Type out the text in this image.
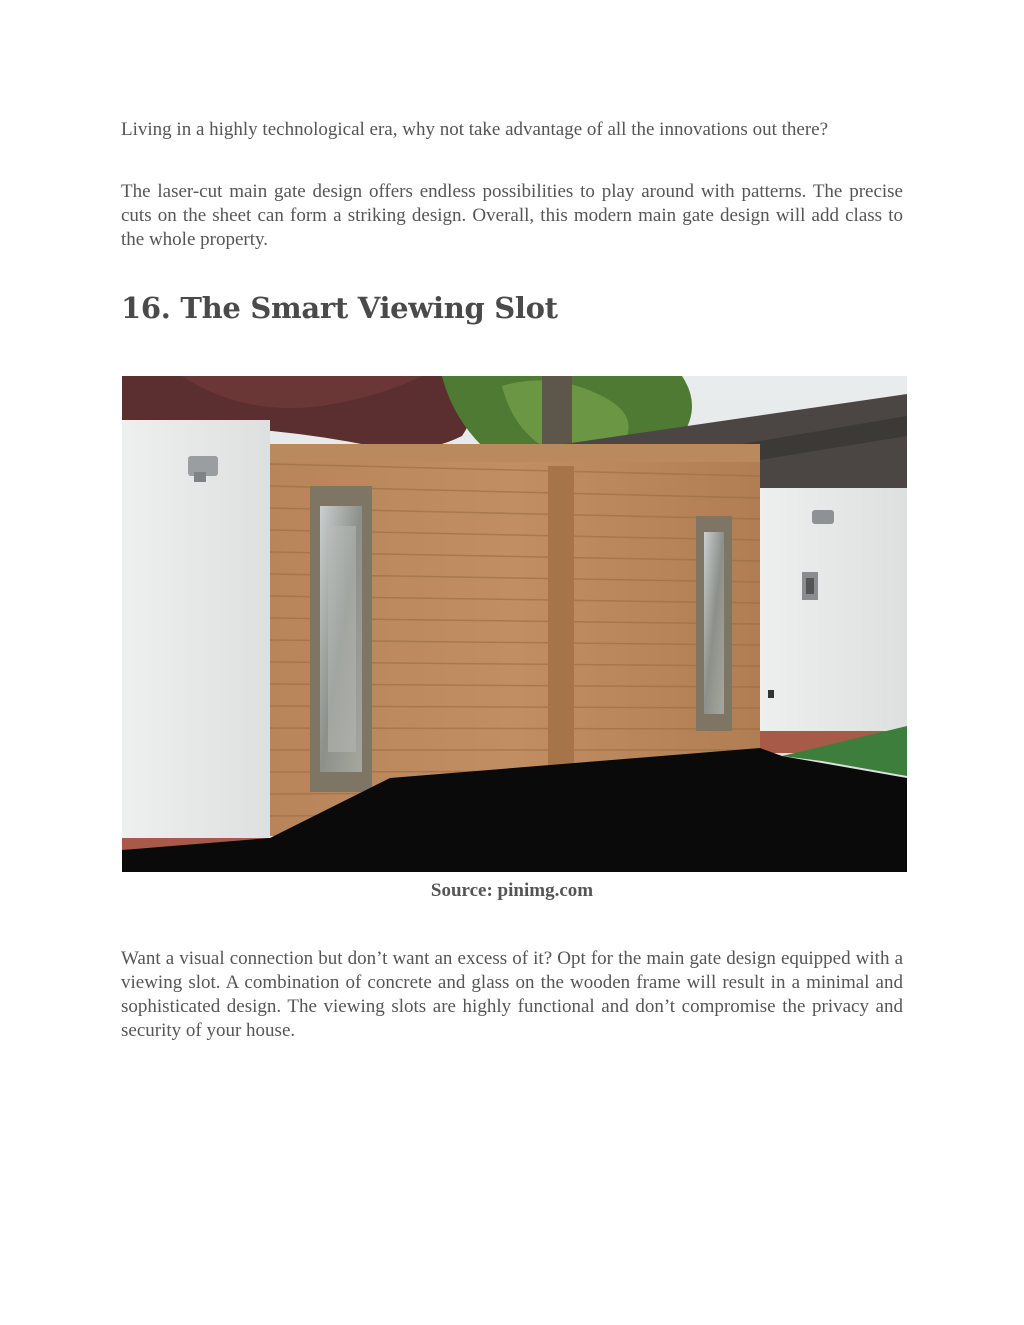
Living in a highly technological era, why not take advantage of all the innovations out there?

The laser-cut main gate design offers endless possibilities to play around with patterns. The precise cuts on the sheet can form a striking design. Overall, this modern main gate design will add class to the whole property.

16. The Smart Viewing Slot
Source: pinimg.com

Want a visual connection but don’t want an excess of it? Opt for the main gate design equipped with a viewing slot. A combination of concrete and glass on the wooden frame will result in a minimal and sophisticated design. The viewing slots are highly functional and don’t compromise the privacy and security of your house.
